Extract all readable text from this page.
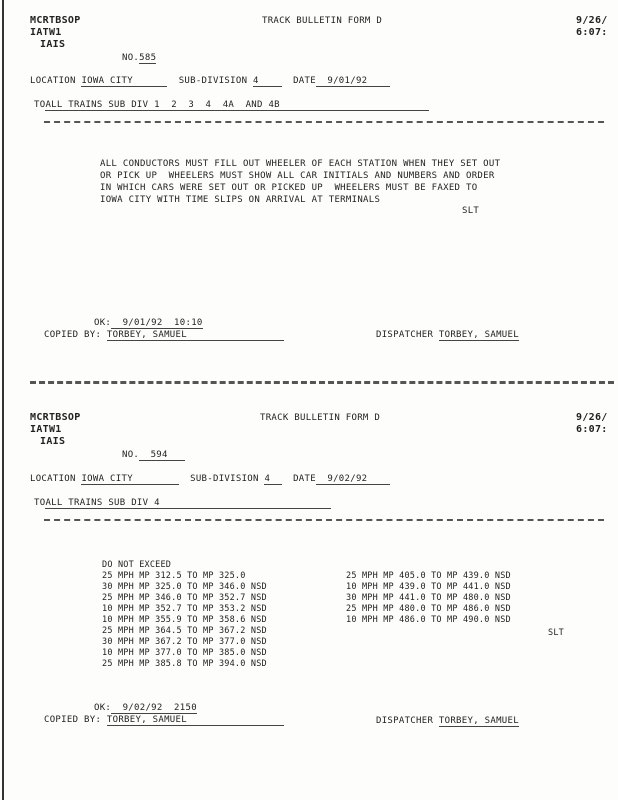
MCRTBSOP
IATW1
IAIS
TRACK BULLETIN FORM D	9/26/
6:07:
NO.585
LOCATION IOWA CITY	SUB-DIVISION 4	DATE 9/01/92
TOALL TRAINS SUB DIV 1  2  3  4  4A  AND 4B
ALL CONDUCTORS MUST FILL OUT WHEELER OF EACH STATION WHEN THEY SET OUT
OR PICK UP  WHEELERS MUST SHOW ALL CAR INITIALS AND NUMBERS AND ORDER
IN WHICH CARS WERE SET OUT OR PICKED UP  WHEELERS MUST BE FAXED TO
IOWA CITY WITH TIME SLIPS ON ARRIVAL AT TERMINALS
SLT
OK: 9/01/92  10:10
COPIED BY: TORBEY, SAMUEL	DISPATCHER TORBEY, SAMUEL
MCRTBSOP
IATW1
IAIS
TRACK BULLETIN FORM D	9/26/
6:07:
NO. 594
LOCATION IOWA CITY	SUB-DIVISION 4	DATE 9/02/92
TOALL TRAINS SUB DIV 4
DO NOT EXCEED
25 MPH MP 312.5 TO MP 325.0
30 MPH MP 325.0 TO MP 346.0 NSD
25 MPH MP 346.0 TO MP 352.7 NSD
10 MPH MP 352.7 TO MP 353.2 NSD
10 MPH MP 355.9 TO MP 358.6 NSD
25 MPH MP 364.5 TO MP 367.2 NSD
30 MPH MP 367.2 TO MP 377.0 NSD
10 MPH MP 377.0 TO MP 385.0 NSD
25 MPH MP 385.8 TO MP 394.0 NSD
25 MPH MP 405.0 TO MP 439.0 NSD
10 MPH MP 439.0 TO MP 441.0 NSD
30 MPH MP 441.0 TO MP 480.0 NSD
25 MPH MP 480.0 TO MP 486.0 NSD
10 MPH MP 486.0 TO MP 490.0 NSD
SLT
OK: 9/02/92  2150
COPIED BY: TORBEY, SAMUEL	DISPATCHER TORBEY, SAMUEL
